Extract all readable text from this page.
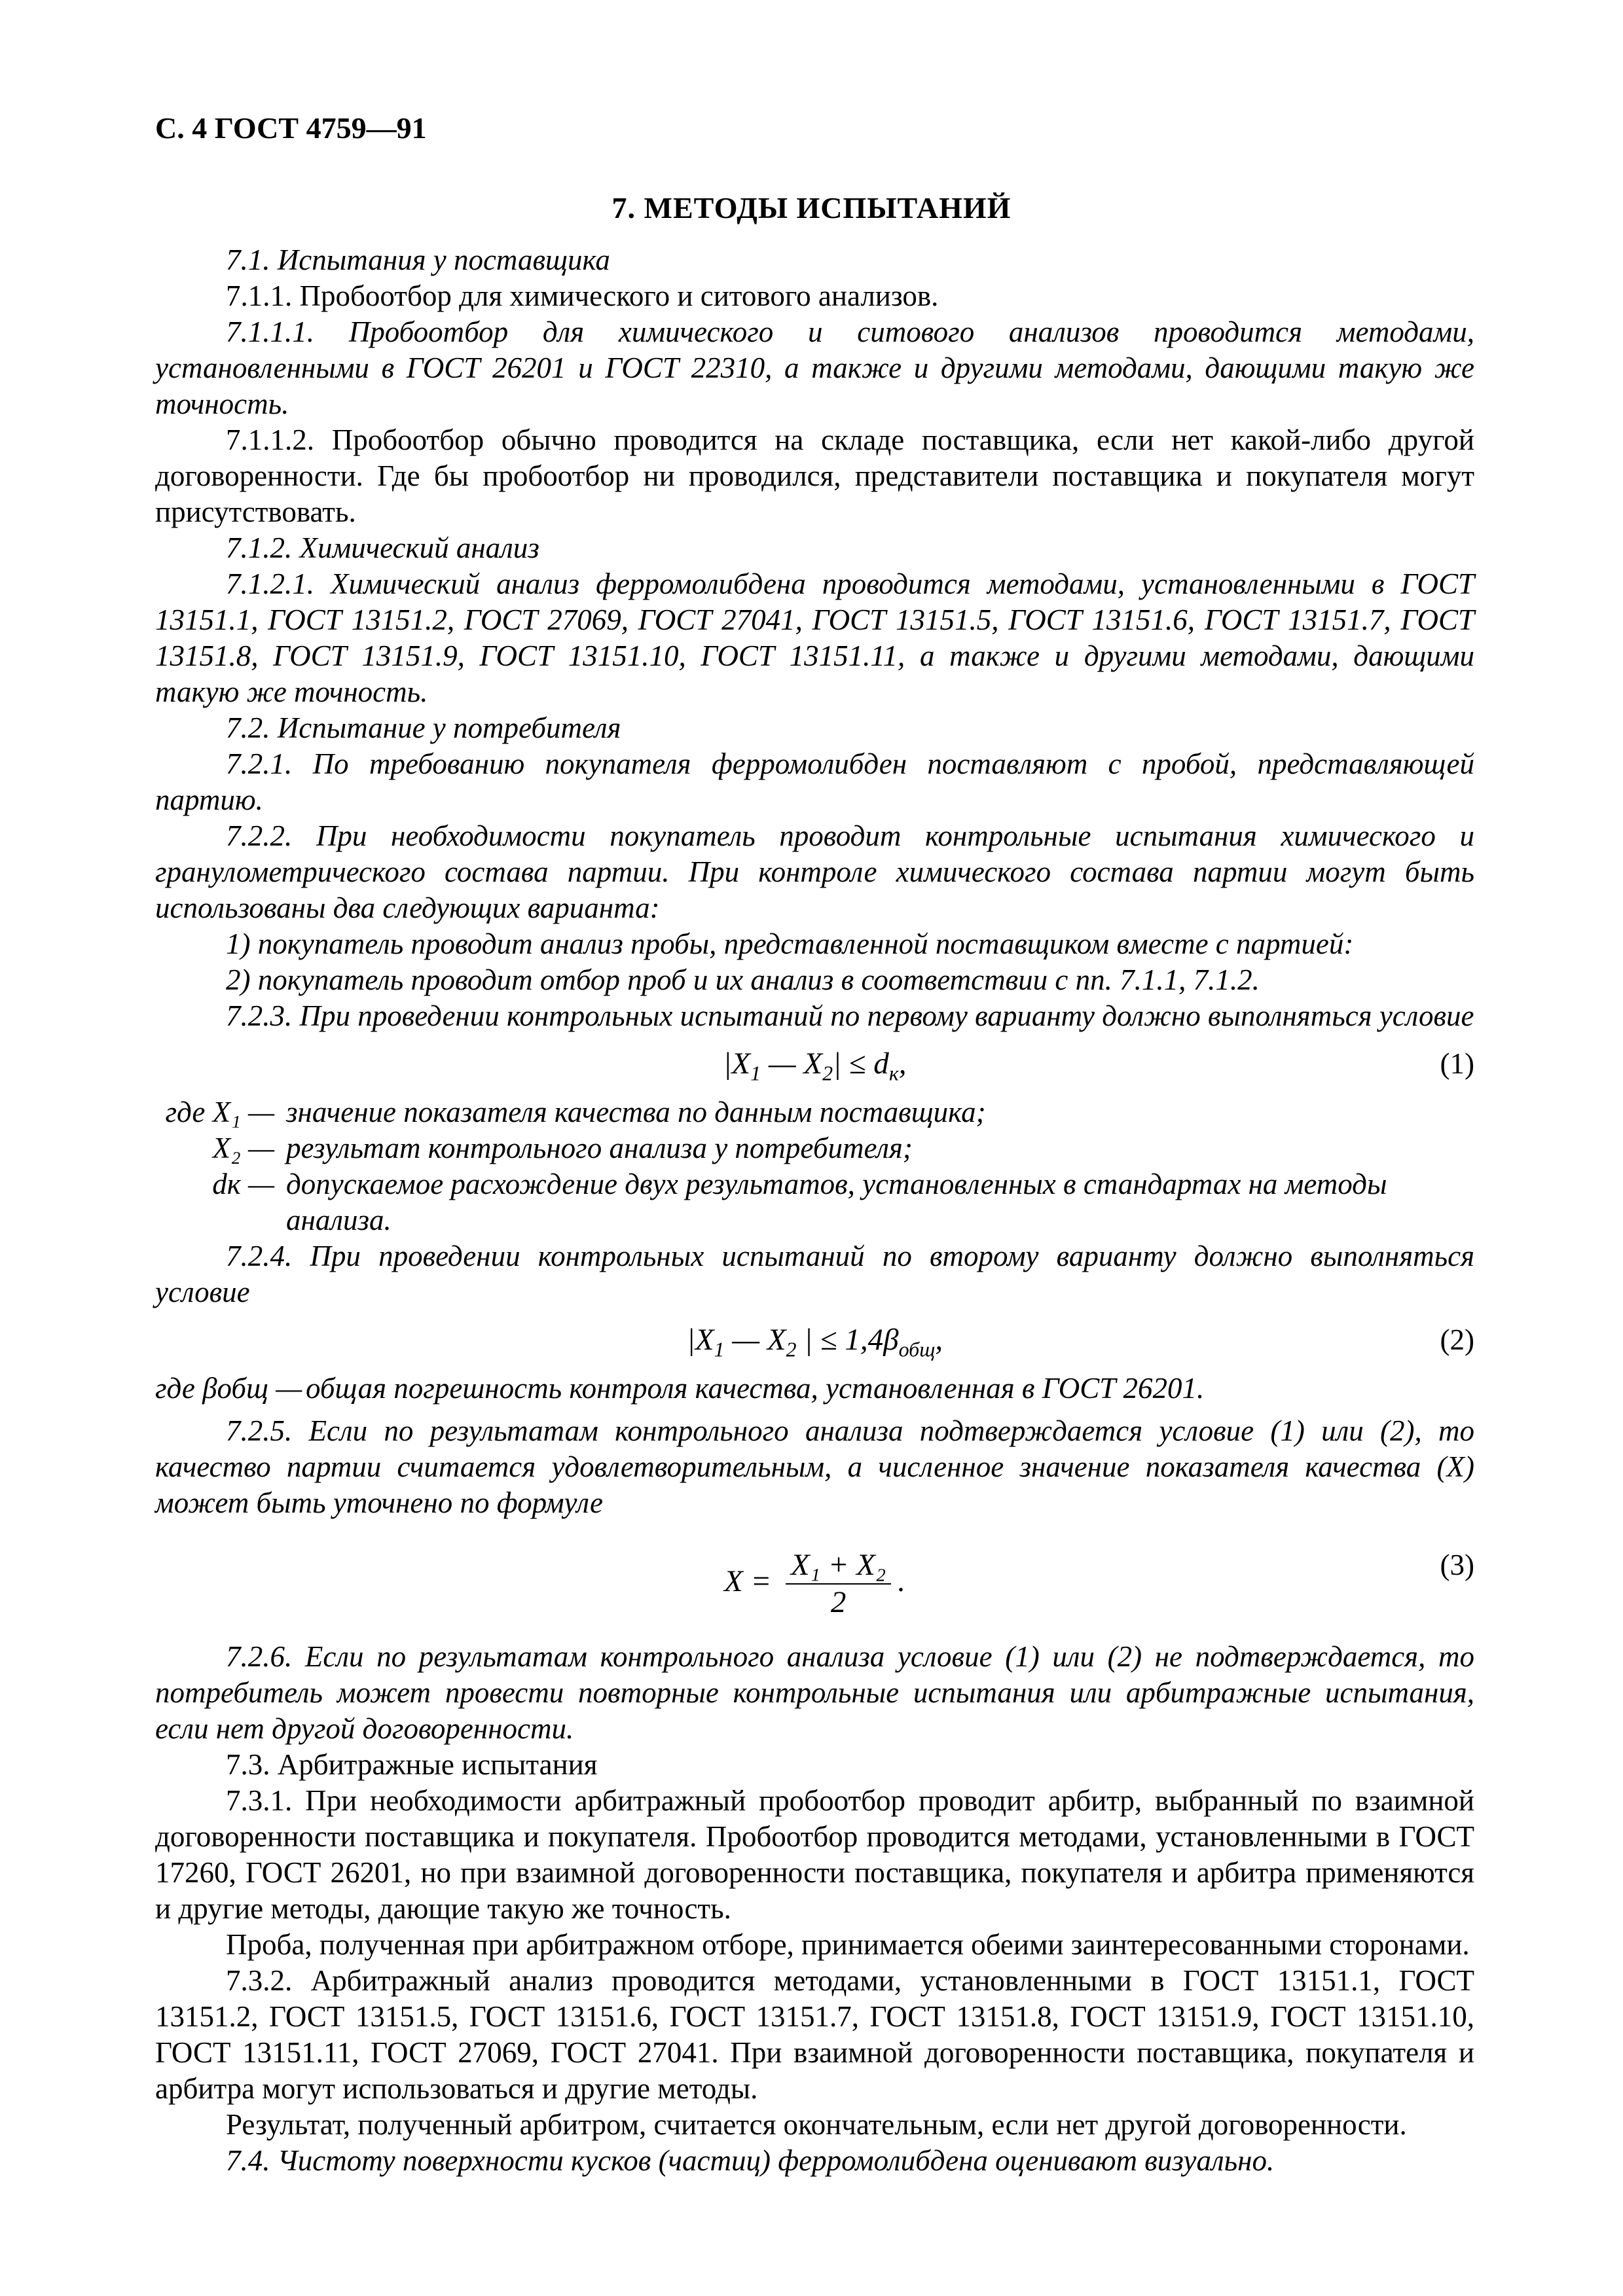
С. 4 ГОСТ 4759—91
7. МЕТОДЫ ИСПЫТАНИЙ

7.1. Испытания у поставщика

7.1.1. Пробоотбор для химического и ситового анализов.

7.1.1.1. Пробоотбор для химического и ситового анализов проводится методами, установленными в ГОСТ 26201 и ГОСТ 22310, а также и другими методами, дающими такую же точность.

7.1.1.2. Пробоотбор обычно проводится на складе поставщика, если нет какой-либо другой договоренности. Где бы пробоотбор ни проводился, представители поставщика и покупателя могут присутствовать.

7.1.2. Химический анализ

7.1.2.1. Химический анализ ферромолибдена проводится методами, установленными в ГОСТ 13151.1, ГОСТ 13151.2, ГОСТ 27069, ГОСТ 27041, ГОСТ 13151.5, ГОСТ 13151.6, ГОСТ 13151.7, ГОСТ 13151.8, ГОСТ 13151.9, ГОСТ 13151.10, ГОСТ 13151.11, а также и другими методами, дающими такую же точность.

7.2. Испытание у потребителя

7.2.1. По требованию покупателя ферромолибден поставляют с пробой, представляющей партию.

7.2.2. При необходимости покупатель проводит контрольные испытания химического и гранулометрического состава партии. При контроле химического состава партии могут быть использованы два следующих варианта:

1) покупатель проводит анализ пробы, представленной поставщиком вместе с партией:

2) покупатель проводит отбор проб и их анализ в соответствии с пп. 7.1.1, 7.1.2.

7.2.3. При проведении контрольных испытаний по первому варианту должно выполняться условие

$|X_1$ — $X_2| \le d_к$,	(1)
где X₁ — значение показателя качества по данным поставщика;
X₂ — результат контрольного анализа у потребителя;
dк — допускаемое расхождение двух результатов, установленных в стандартах на методы анализа.

7.2.4. При проведении контрольных испытаний по второму варианту должно выполняться условие

$|X_1$ — $X_2$ | ≤ $1,4\beta_{общ}$,	(2)
где βобщ — общая погрешность контроля качества, установленная в ГОСТ 26201.

7.2.5. Если по результатам контрольного анализа подтверждается условие (1) или (2), то качество партии считается удовлетворительным, а численное значение показателя качества (X) может быть уточнено по формуле

$X = \frac{\text{X₁ + X₂}}{2}$ .	(3)

7.2.6. Если по результатам контрольного анализа условие (1) или (2) не подтверждается, то потребитель может провести повторные контрольные испытания или арбитражные испытания, если нет другой договоренности.

7.3. Арбитражные испытания

7.3.1. При необходимости арбитражный пробоотбор проводит арбитр, выбранный по взаимной договоренности поставщика и покупателя. Пробоотбор проводится методами, установленными в ГОСТ 17260, ГОСТ 26201, но при взаимной договоренности поставщика, покупателя и арбитра применяются и другие методы, дающие такую же точность.

Проба, полученная при арбитражном отборе, принимается обеими заинтересованными сторонами.

7.3.2. Арбитражный анализ проводится методами, установленными в ГОСТ 13151.1, ГОСТ 13151.2, ГОСТ 13151.5, ГОСТ 13151.6, ГОСТ 13151.7, ГОСТ 13151.8, ГОСТ 13151.9, ГОСТ 13151.10, ГОСТ 13151.11, ГОСТ 27069, ГОСТ 27041. При взаимной договоренности поставщика, покупателя и арбитра могут использоваться и другие методы.

Результат, полученный арбитром, считается окончательным, если нет другой договоренности.

7.4. Чистоту поверхности кусков (частиц) ферромолибдена оценивают визуально.
